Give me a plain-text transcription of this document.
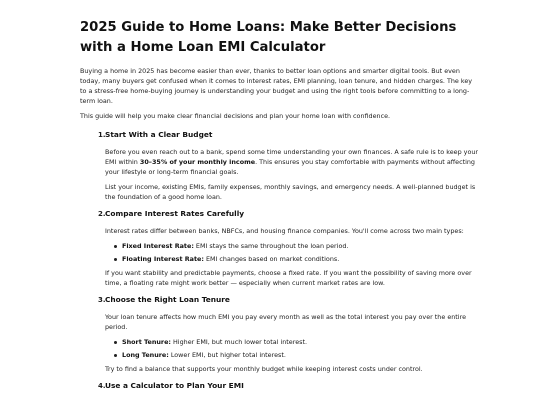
2025 Guide to Home Loans: Make Better Decisions with a Home Loan EMI Calculator

Buying a home in 2025 has become easier than ever, thanks to better loan options and smarter digital tools. But even today, many buyers get confused when it comes to interest rates, EMI planning, loan tenure, and hidden charges. The key to a stress-free home-buying journey is understanding your budget and using the right tools before committing to a long-term loan.

This guide will help you make clear financial decisions and plan your home loan with confidence.

1. Start With a Clear Budget

Before you even reach out to a bank, spend some time understanding your own finances. A safe rule is to keep your EMI within 30–35% of your monthly income. This ensures you stay comfortable with payments without affecting your lifestyle or long-term financial goals.

List your income, existing EMIs, family expenses, monthly savings, and emergency needs. A well-planned budget is the foundation of a good home loan.

2. Compare Interest Rates Carefully

Interest rates differ between banks, NBFCs, and housing finance companies. You'll come across two main types:

Fixed Interest Rate: EMI stays the same throughout the loan period.
Floating Interest Rate: EMI changes based on market conditions.

If you want stability and predictable payments, choose a fixed rate. If you want the possibility of saving more over time, a floating rate might work better — especially when current market rates are low.

3. Choose the Right Loan Tenure

Your loan tenure affects how much EMI you pay every month as well as the total interest you pay over the entire period.

Short Tenure: Higher EMI, but much lower total interest.
Long Tenure: Lower EMI, but higher total interest.

Try to find a balance that supports your monthly budget while keeping interest costs under control.

4. Use a Calculator to Plan Your EMI
